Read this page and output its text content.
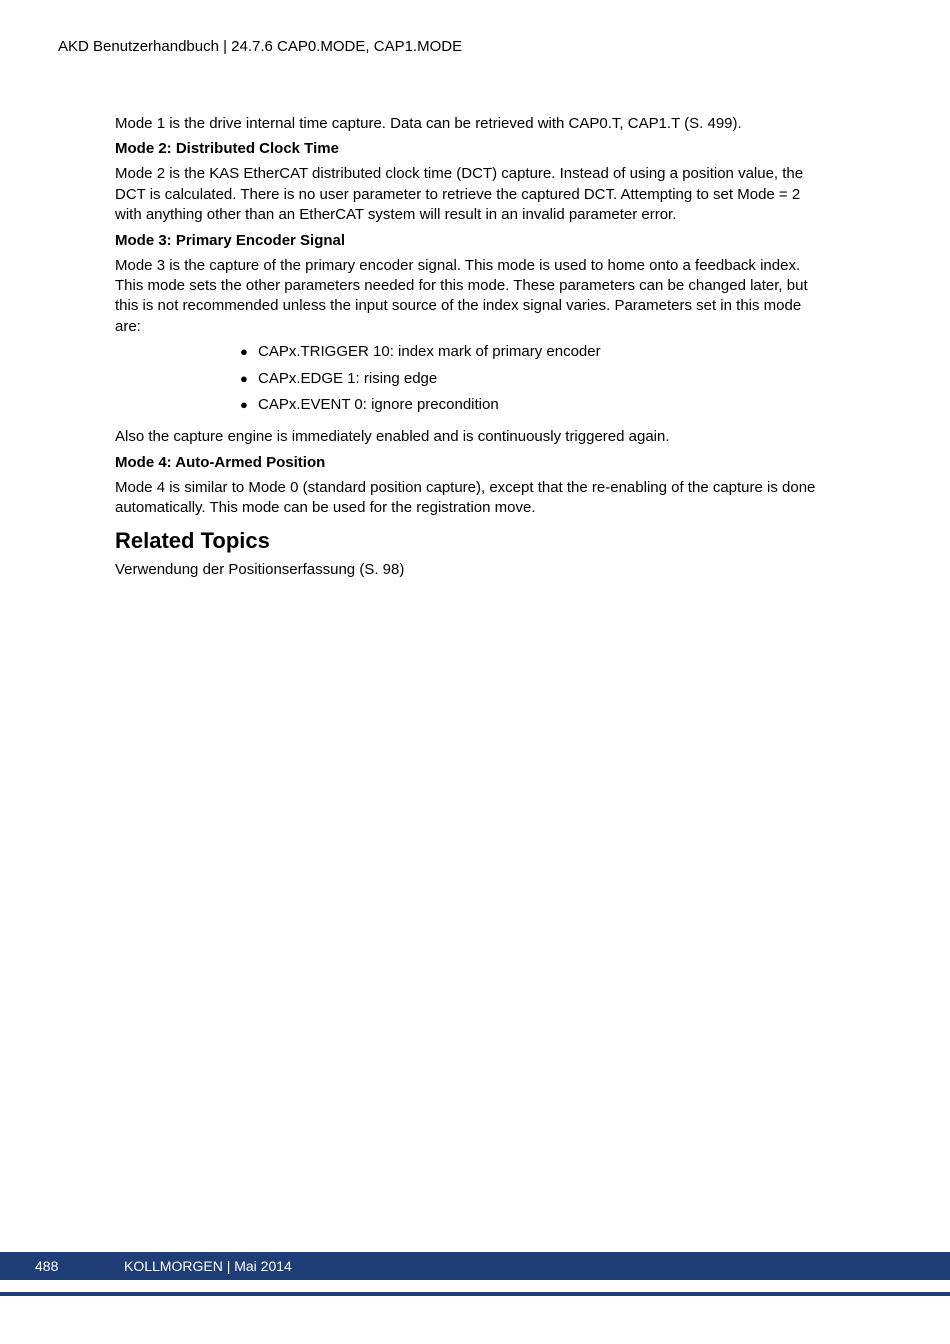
AKD Benutzerhandbuch | 24.7.6 CAP0.MODE, CAP1.MODE

Mode 1 is the drive internal time capture. Data can be retrieved with CAP0.T, CAP1.T (S. 499).

Mode 2: Distributed Clock Time

Mode 2 is the KAS EtherCAT distributed clock time (DCT) capture. Instead of using a position value, the DCT is calculated. There is no user parameter to retrieve the captured DCT. Attempting to set Mode = 2 with anything other than an EtherCAT system will result in an invalid parameter error.

Mode 3: Primary Encoder Signal

Mode 3 is the capture of the primary encoder signal. This mode is used to home onto a feedback index. This mode sets the other parameters needed for this mode. These parameters can be changed later, but this is not recommended unless the input source of the index signal varies. Parameters set in this mode are:

● CAPx.TRIGGER 10: index mark of primary encoder
● CAPx.EDGE 1: rising edge
● CAPx.EVENT 0: ignore precondition

Also the capture engine is immediately enabled and is continuously triggered again.

Mode 4: Auto-Armed Position

Mode 4 is similar to Mode 0 (standard position capture), except that the re-enabling of the capture is done automatically. This mode can be used for the registration move.

Related Topics

Verwendung der Positionserfassung (S. 98)

488	KOLLMORGEN | Mai 2014
